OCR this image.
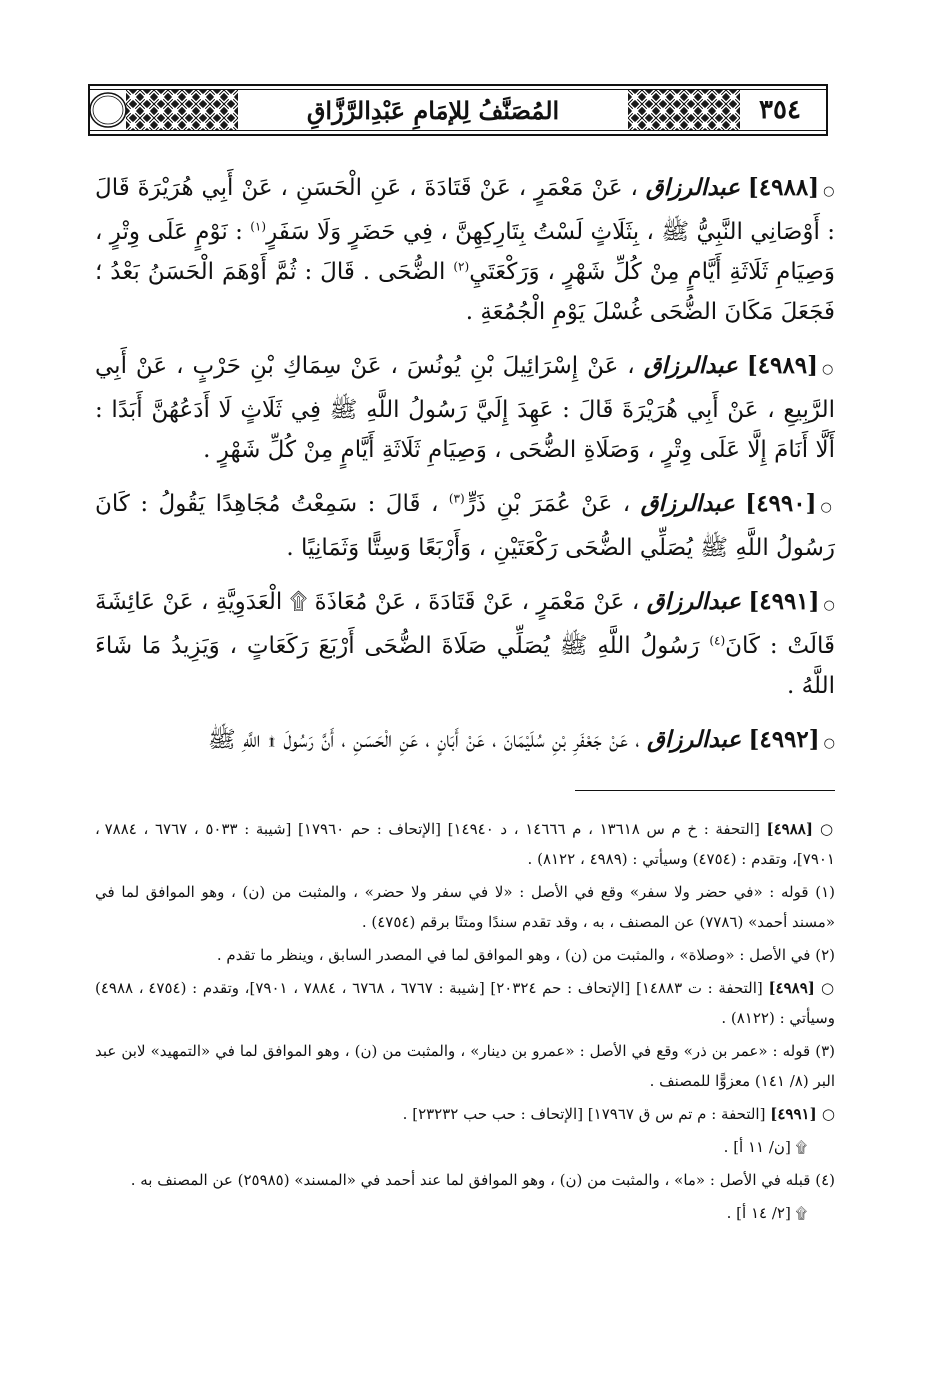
٣٥٤
المُصَنَّفُ لِلإمَامِ عَبْدِالرَّزَّاقِ

○[٤٩٨٨] عبدالرزاق ، عَنْ مَعْمَرٍ ، عَنْ قَتَادَةَ ، عَنِ الْحَسَنِ ، عَنْ أَبِي هُرَيْرَةَ قَالَ : أَوْصَانِي النَّبِيُّ ﷺ ، بِثَلَاثٍ لَسْتُ بِتَارِكِهِنَّ ، فِي حَضَرٍ وَلَا سَفَرٍ$^{(١)}$ : نَوْمٍ عَلَى وِتْرٍ ، وَصِيَامِ ثَلَاثَةِ أَيَّامٍ مِنْ كُلِّ شَهْرٍ ، وَرَكْعَتَيِ$^{(٢)}$ الضُّحَى . قَالَ : ثُمَّ أَوْهَمَ الْحَسَنُ بَعْدُ ؛ فَجَعَلَ مَكَانَ الضُّحَى غُسْلَ يَوْمِ الْجُمُعَةِ .

○[٤٩٨٩] عبدالرزاق ، عَنْ إِسْرَائِيلَ بْنِ يُونُسَ ، عَنْ سِمَاكِ بْنِ حَرْبٍ ، عَنْ أَبِي الرَّبِيعِ ، عَنْ أَبِي هُرَيْرَةَ قَالَ : عَهِدَ إِلَيَّ رَسُولُ اللَّهِ ﷺ فِي ثَلَاثٍ لَا أَدَعُهُنَّ أَبَدًا : أَلَّا أَنَامَ إِلَّا عَلَى وِتْرٍ ، وَصَلَاةِ الضُّحَى ، وَصِيَامِ ثَلَاثَةِ أَيَّامٍ مِنْ كُلِّ شَهْرٍ .

○[٤٩٩٠] عبدالرزاق ، عَنْ عُمَرَ بْنِ ذَرٍّ$^{(٣)}$ ، قَالَ : سَمِعْتُ مُجَاهِدًا يَقُولُ : كَانَ رَسُولُ اللَّهِ ﷺ يُصَلِّي الضُّحَى رَكْعَتَيْنِ ، وَأَرْبَعًا وَسِتًّا وَثَمَانِيًا .

○[٤٩٩١] عبدالرزاق ، عَنْ مَعْمَرٍ ، عَنْ قَتَادَةَ ، عَنْ مُعَاذَةَ ۩ الْعَدَوِيَّةِ ، عَنْ عَائِشَةَ قَالَتْ : كَانَ$^{(٤)}$ رَسُولُ اللَّهِ ﷺ يُصَلِّي صَلَاةَ الضُّحَى أَرْبَعَ رَكَعَاتٍ ، وَيَزِيدُ مَا شَاءَ اللَّهُ .

○[٤٩٩٢] عبدالرزاق ، عَنْ جَعْفَرِ بْنِ سُلَيْمَانَ ، عَنْ أَبَانٍ ، عَنِ الْحَسَنِ ، أَنَّ رَسُولَ ۩ اللَّهِ ﷺ

○ [٤٩٨٨] [التحفة : خ م س ١٣٦١٨ ، م ١٤٦٦٦ ، د ١٤٩٤٠] [الإتحاف : حم ١٧٩٦٠] [شيبة : ٥٠٣٣ ، ٦٧٦٧ ، ٧٨٨٤ ، ٧٩٠١]، وتقدم : (٤٧٥٤) وسيأتي : (٤٩٨٩ ، ٨١٢٢) .

(١) قوله : «في حضر ولا سفر» وقع في الأصل : «لا في سفر ولا حضر» ، والمثبت من (ن) ، وهو الموافق لما في «مسند أحمد» (٧٧٨٦) عن المصنف ، به ، وقد تقدم سندًا ومتنًا برقم (٤٧٥٤) .

(٢) في الأصل : «وصلاة» ، والمثبت من (ن) ، وهو الموافق لما في المصدر السابق ، وينظر ما تقدم .

○ [٤٩٨٩] [التحفة : ت ١٤٨٨٣] [الإتحاف : حم ٢٠٣٢٤] [شيبة : ٦٧٦٧ ، ٦٧٦٨ ، ٧٨٨٤ ، ٧٩٠١]، وتقدم : (٤٧٥٤ ، ٤٩٨٨) وسيأتي : (٨١٢٢) .

(٣) قوله : «عمر بن ذر» وقع في الأصل : «عمرو بن دينار» ، والمثبت من (ن) ، وهو الموافق لما في «التمهيد» لابن عبد البر (٨/ ١٤١) معزوًّا للمصنف .

○ [٤٩٩١] [التحفة : م تم س ق ١٧٩٦٧] [الإتحاف : حب حب ٢٣٢٣٢] .

۩ [ن/ ١١ أ] .

(٤) قبله في الأصل : «ما» ، والمثبت من (ن) ، وهو الموافق لما عند أحمد في «المسند» (٢٥٩٨٥) عن المصنف به .

۩ [٢/ ١٤ أ] .
